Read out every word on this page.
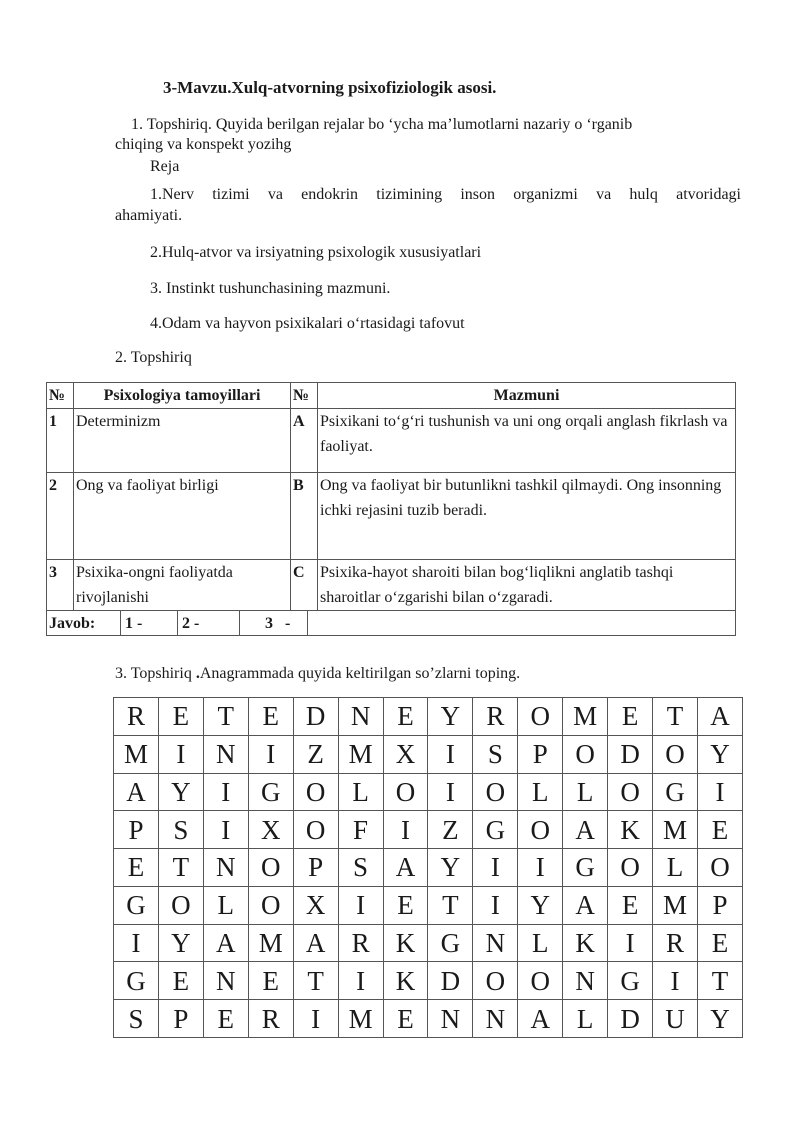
3-Mavzu.Xulq-atvorning psixofiziologik asosi.
1. Topshiriq. Quyida berilgan rejalar bo ‘ycha ma’lumotlarni nazariy o ‘rganib
chiqing va konspekt yozihg
Reja
1.Nerv tizimi va endokrin tizimining inson organizmi va hulq atvoridagi
ahamiyati.
2.Hulq-atvor va irsiyatning psixologik xususiyatlari
3. Instinkt tushunchasining mazmuni.
4.Odam va hayvon psixikalari o‘rtasidagi tafovut
2. Topshiriq
№	Psixologiya tamoyillari	№	Mazmuni
1	Determinizm	A	Psixikani to‘g‘ri tushunish va uni ong orqali anglash fikrlash va faoliyat.
2	Ong va faoliyat birligi	B	Ong va faoliyat bir butunlikni tashkil qilmaydi. Ong insonning ichki rejasini tuzib beradi.
3	Psixika-ongni faoliyatda rivojlanishi	C	Psixika-hayot sharoiti bilan bog‘liqlikni anglatib tashqi
sharoitlar o‘zgarishi bilan o‘zgaradi.

Javob: 1 - 2 - 3   -			
3. Topshiriq .Anagrammada quyida keltirilgan so’zlarni toping.
R	E	T	E	D	N	E	Y	R	O	M	E	T	A
M	I	N	I	Z	M	X	I	S	P	O	D	O	Y
A	Y	I	G	O	L	O	I	O	L	L	O	G	I
P	S	I	X	O	F	I	Z	G	O	A	K	M	E
E	T	N	O	P	S	A	Y	I	I	G	O	L	O
G	O	L	O	X	I	E	T	I	Y	A	E	M	P
I	Y	A	M	A	R	K	G	N	L	K	I	R	E
G	E	N	E	T	I	K	D	O	O	N	G	I	T
S	P	E	R	I	M	E	N	N	A	L	D	U	Y
